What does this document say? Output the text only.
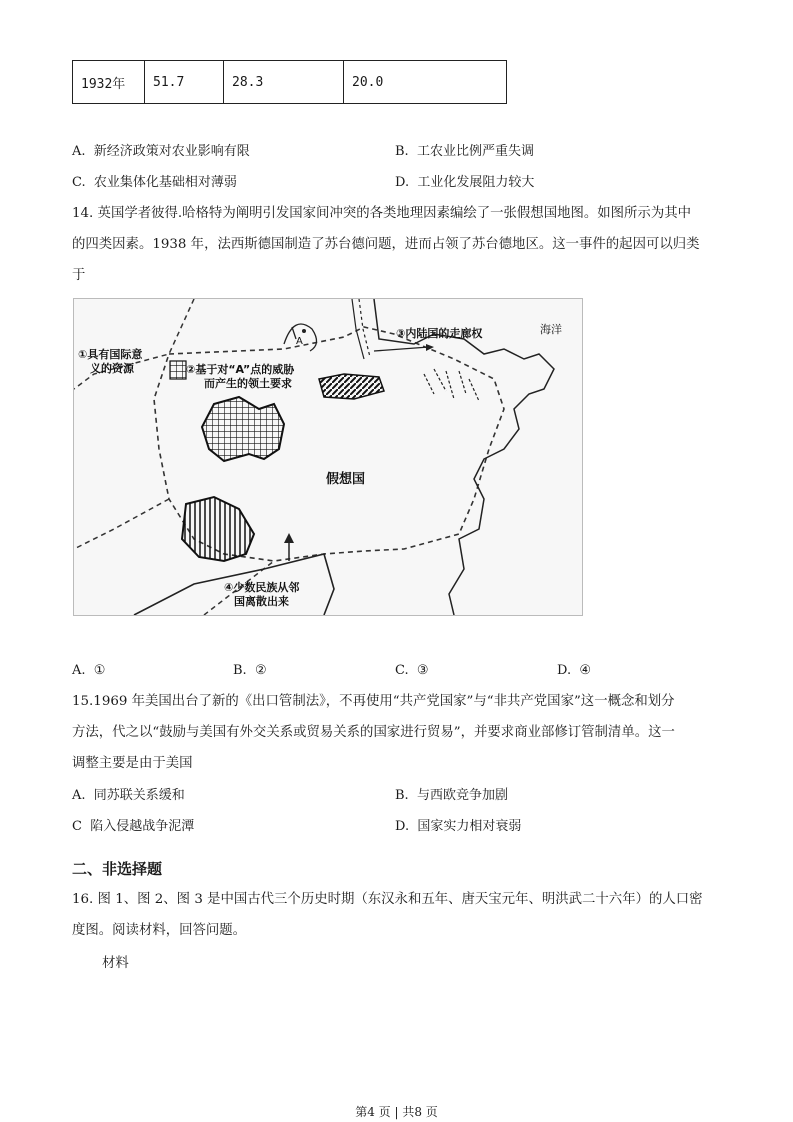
1932年	51.7	28.3	20.0
A. 新经济政策对农业影响有限	B. 工农业比例严重失调
C. 农业集体化基础相对薄弱	D. 工业化发展阻力较大
14. 英国学者彼得.哈格特为阐明引发国家间冲突的各类地理因素编绘了一张假想国地图。如图所示为其中
的四类因素。1938 年，法西斯德国制造了苏台德问题，进而占领了苏台德地区。这一事件的起因可以归类
于
①具有国际意
义的资源	②基于对“A”点的威胁
而产生的领土要求
③内陆国的走廊权
④少数民族从邻
国离散出来
海洋
假想国
A
A. ①	B. ②	C. ③	D. ④
15.1969 年美国出台了新的《出口管制法》，不再使用“共产党国家”与“非共产党国家”这一概念和划分
方法，代之以“鼓励与美国有外交关系或贸易关系的国家进行贸易”，并要求商业部修订管制清单。这一
调整主要是由于美国
A. 同苏联关系缓和	B. 与西欧竞争加剧
C 陷入侵越战争泥潭	D. 国家实力相对衰弱
二、非选择题
16. 图 1、图 2、图 3 是中国古代三个历史时期（东汉永和五年、唐天宝元年、明洪武二十六年）的人口密
度图。阅读材料，回答问题。
材料
第4 页 | 共8 页
